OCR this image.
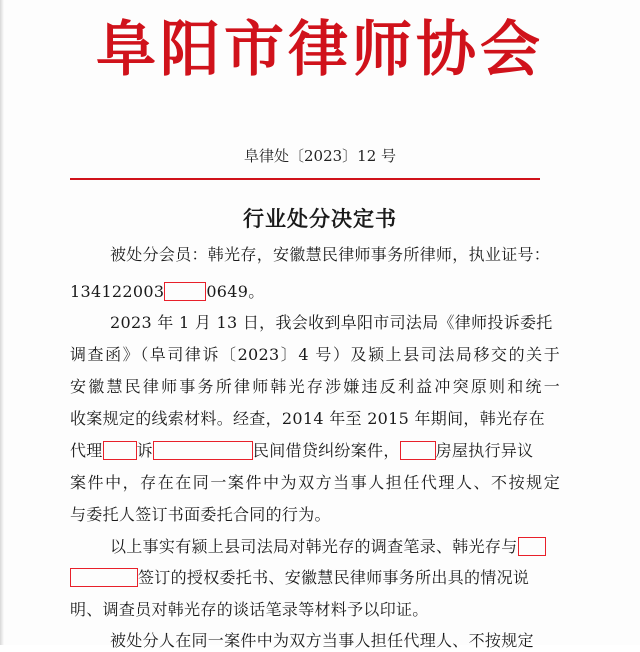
阜阳市律师协会
阜律处〔2023〕12 号
行业处分决定书
被处分会员：韩光存，安徽慧民律师事务所律师，执业证号：
134122003	0649。
2023 年 1 月 13 日，我会收到阜阳市司法局《律师投诉委托
调查函》（阜司律诉〔2023〕4 号）及颍上县司法局移交的关于
安徽慧民律师事务所律师韩光存涉嫌违反利益冲突原则和统一
收案规定的线索材料。经查，2014 年至 2015 年期间，韩光存在
代理 诉	民间借贷纠纷案件， 房屋执行异议
案件中，存在在同一案件中为双方当事人担任代理人、不按规定
与委托人签订书面委托合同的行为。
以上事实有颍上县司法局对韩光存的调查笔录、韩光存与
签订的授权委托书、安徽慧民律师事务所出具的情况说
明、调查员对韩光存的谈话笔录等材料予以印证。
被处分人在同一案件中为双方当事人担任代理人、不按规定
